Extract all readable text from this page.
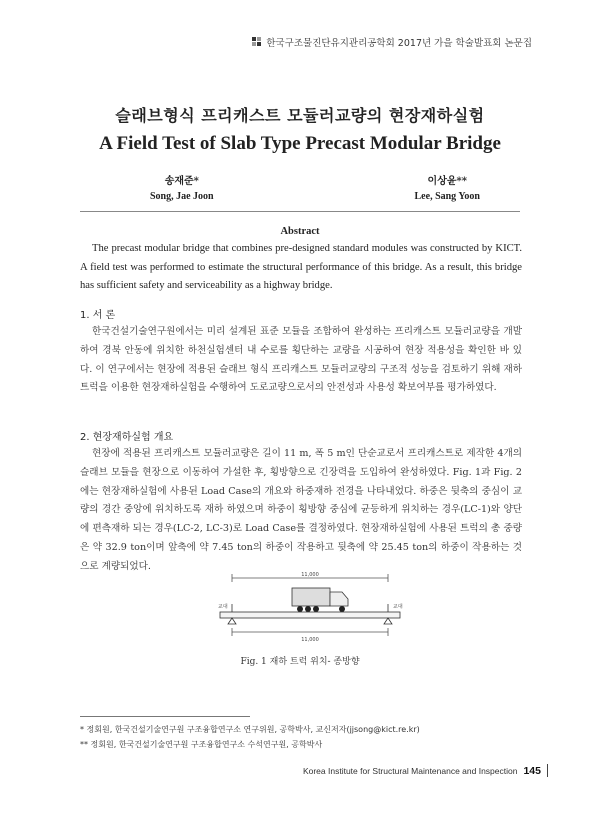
한국구조물진단유지관리공학회 2017년 가을 학술발표회 논문집
슬래브형식 프리캐스트 모듈러교량의 현장재하실험
A Field Test of Slab Type Precast Modular Bridge
송재준*
Song, Jae Joon
이상윤**
Lee, Sang Yoon
Abstract
The precast modular bridge that combines pre-designed standard modules was constructed by KICT. A field test was performed to estimate the structural performance of this bridge. As a result, this bridge has sufficient safety and serviceability as a highway bridge.
1. 서 론
한국건설기술연구원에서는 미리 설계된 표준 모듈을 조합하여 완성하는 프리캐스트 모듈러교량을 개발하여 경북 안동에 위치한 하천실험센터 내 수로를 횡단하는 교량을 시공하여 현장 적용성을 확인한 바 있다. 이 연구에서는 현장에 적용된 슬래브 형식 프리캐스트 모듈러교량의 구조적 성능을 검토하기 위해 재하 트럭을 이용한 현장재하실험을 수행하여 도로교량으로서의 안전성과 사용성 확보여부를 평가하였다.
2. 현장재하실험 개요
현장에 적용된 프리캐스트 모듈러교량은 길이 11 m, 폭 5 m인 단순교로서 프리캐스트로 제작한 4개의 슬래브 모듈을 현장으로 이동하여 가설한 후, 횡방향으로 긴장력을 도입하여 완성하였다. Fig. 1과 Fig. 2에는 현장재하실험에 사용된 Load Case의 개요와 하중재하 전경을 나타내었다. 하중은 뒷축의 중심이 교량의 경간 중앙에 위치하도록 재하 하였으며 하중이 횡방향 중심에 균등하게 위치하는 경우(LC-1)와 양단에 편측재하 되는 경우(LC-2, LC-3)로 Load Case를 결정하였다. 현장재하실험에 사용된 트럭의 총 중량은 약 32.9 ton이며 앞축에 약 7.45 ton의 하중이 작용하고 뒷축에 약 25.45 ton의 하중이 작용하는 것으로 계량되었다.
11,000
교대	교대
11,000
Fig. 1 재하 트럭 위치- 종방향
* 정회원, 한국건설기술연구원 구조융합연구소 연구위원, 공학박사, 교신저자(jjsong@kict.re.kr)
** 정회원, 한국건설기술연구원 구조융합연구소 수석연구원, 공학박사
Korea Institute for Structural Maintenance and Inspection 145
